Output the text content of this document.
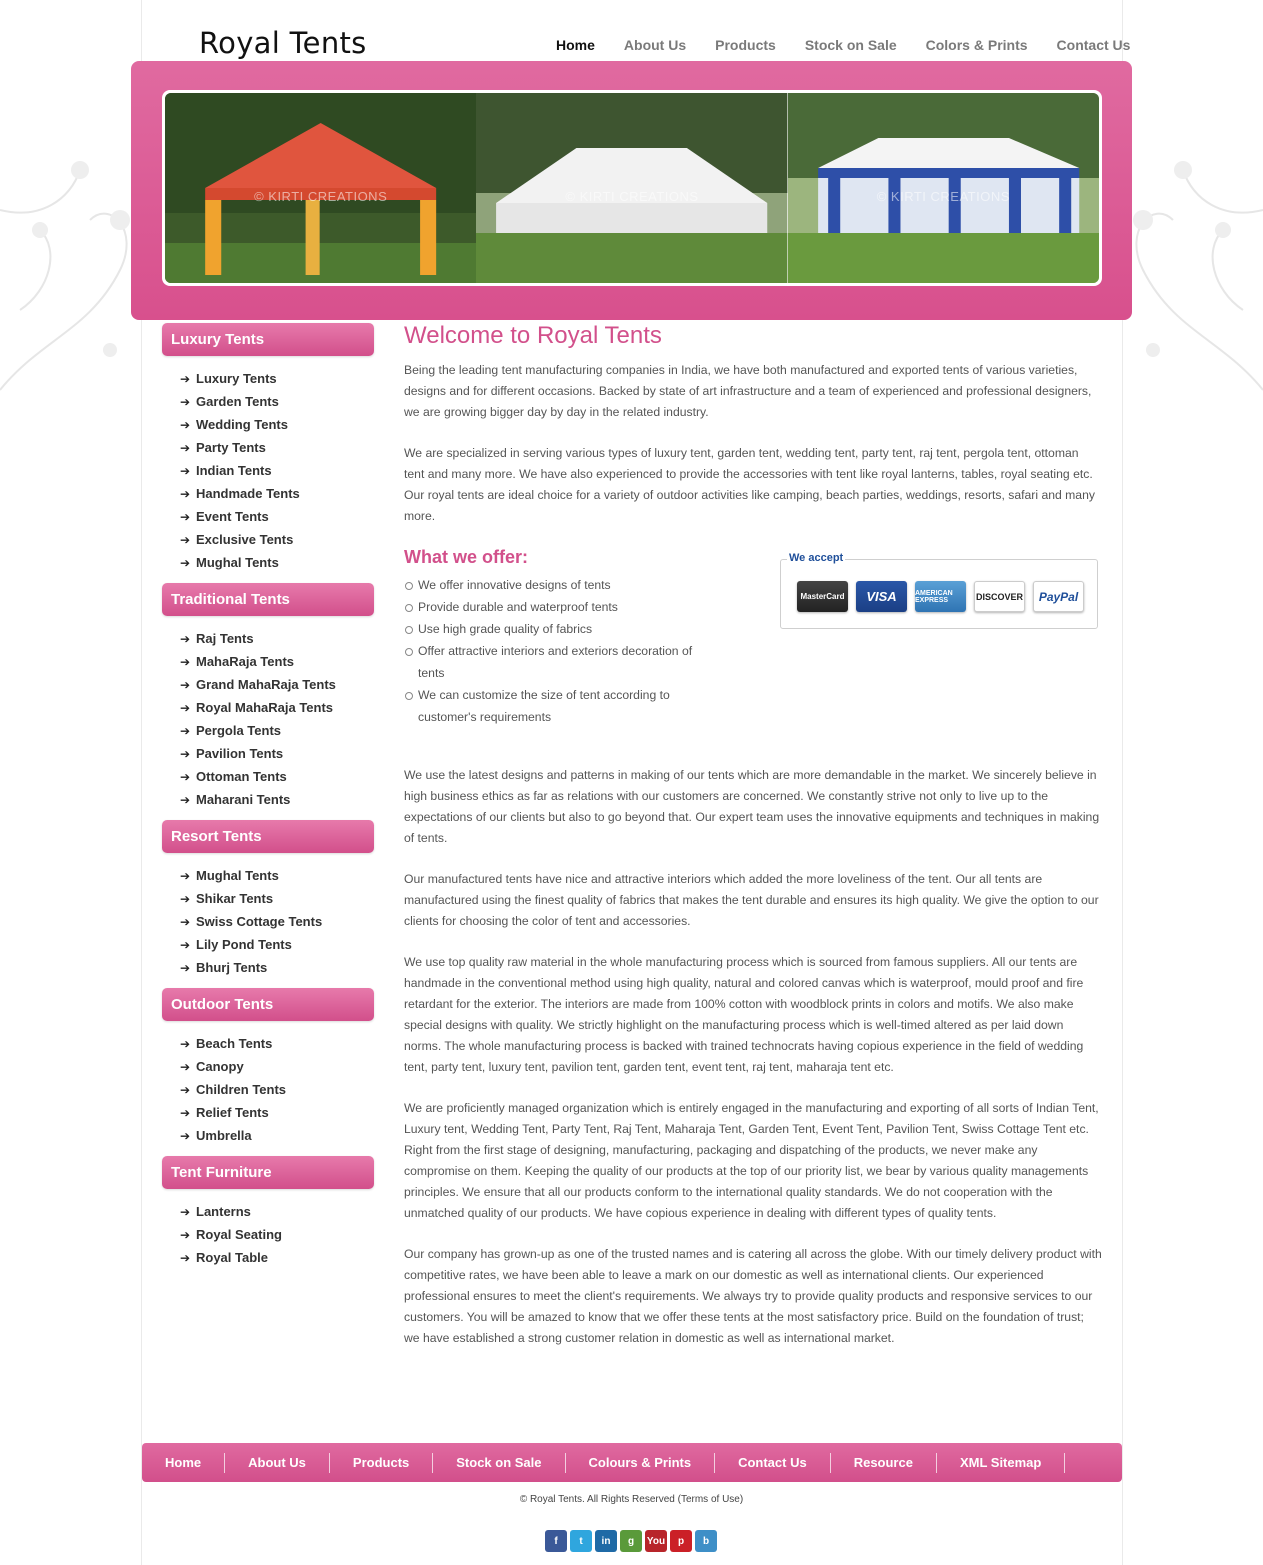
Royal Tents	Home About Us Products Stock on Sale Colors & Prints Contact Us
© KIRTI CREATIONS	© KIRTI CREATIONS	© KIRTI CREATIONS
Luxury Tents
➔ Luxury Tents
➔ Garden Tents
➔ Wedding Tents
➔ Party Tents
➔ Indian Tents
➔ Handmade Tents
➔ Event Tents
➔ Exclusive Tents
➔ Mughal Tents
Traditional Tents
➔ Raj Tents
➔ MahaRaja Tents
➔ Grand MahaRaja Tents
➔ Royal MahaRaja Tents
➔ Pergola Tents
➔ Pavilion Tents
➔ Ottoman Tents
➔ Maharani Tents
Resort Tents
➔ Mughal Tents
➔ Shikar Tents
➔ Swiss Cottage Tents
➔ Lily Pond Tents
➔ Bhurj Tents
Outdoor Tents
➔ Beach Tents
➔ Canopy
➔ Children Tents
➔ Relief Tents
➔ Umbrella
Tent Furniture
➔ Lanterns
➔ Royal Seating
➔ Royal Table
Welcome to Royal Tents

Being the leading tent manufacturing companies in India, we have both manufactured and exported tents of various varieties, designs and for different occasions. Backed by state of art infrastructure and a team of experienced and professional designers, we are growing bigger day by day in the related industry.

We are specialized in serving various types of luxury tent, garden tent, wedding tent, party tent, raj tent, pergola tent, ottoman tent and many more. We have also experienced to provide the accessories with tent like royal lanterns, tables, royal seating etc. Our royal tents are ideal choice for a variety of outdoor activities like camping, beach parties, weddings, resorts, safari and many more.

What we offer:
We offer innovative designs of tents
Provide durable and waterproof tents
Use high grade quality of fabrics
Offer attractive interiors and exteriors decoration of tents
We can customize the size of tent according to customer's requirements
We accept
MasterCard	VISA	AMERICAN EXPRESS	DISCOVER	PayPal

We use the latest designs and patterns in making of our tents which are more demandable in the market. We sincerely believe in high business ethics as far as relations with our customers are concerned. We constantly strive not only to live up to the expectations of our clients but also to go beyond that. Our expert team uses the innovative equipments and techniques in making of tents.

Our manufactured tents have nice and attractive interiors which added the more loveliness of the tent. Our all tents are manufactured using the finest quality of fabrics that makes the tent durable and ensures its high quality. We give the option to our clients for choosing the color of tent and accessories.

We use top quality raw material in the whole manufacturing process which is sourced from famous suppliers. All our tents are handmade in the conventional method using high quality, natural and colored canvas which is waterproof, mould proof and fire retardant for the exterior. The interiors are made from 100% cotton with woodblock prints in colors and motifs. We also make special designs with quality. We strictly highlight on the manufacturing process which is well-timed altered as per laid down norms. The whole manufacturing process is backed with trained technocrats having copious experience in the field of wedding tent, party tent, luxury tent, pavilion tent, garden tent, event tent, raj tent, maharaja tent etc.

We are proficiently managed organization which is entirely engaged in the manufacturing and exporting of all sorts of Indian Tent, Luxury tent, Wedding Tent, Party Tent, Raj Tent, Maharaja Tent, Garden Tent, Event Tent, Pavilion Tent, Swiss Cottage Tent etc. Right from the first stage of designing, manufacturing, packaging and dispatching of the products, we never make any compromise on them. Keeping the quality of our products at the top of our priority list, we bear by various quality managements principles. We ensure that all our products conform to the international quality standards. We do not cooperation with the unmatched quality of our products. We have copious experience in dealing with different types of quality tents.

Our company has grown-up as one of the trusted names and is catering all across the globe. With our timely delivery product with competitive rates, we have been able to leave a mark on our domestic as well as international clients. Our experienced professional ensures to meet the client's requirements. We always try to provide quality products and responsive services to our customers. You will be amazed to know that we offer these tents at the most satisfactory price. Build on the foundation of trust; we have established a strong customer relation in domestic as well as international market.

Home	About Us	Products	Stock on Sale	Colours & Prints	Contact Us	Resource	XML Sitemap
© Royal Tents. All Rights Reserved (Terms of Use)
f	t	in	g	You	p	b
